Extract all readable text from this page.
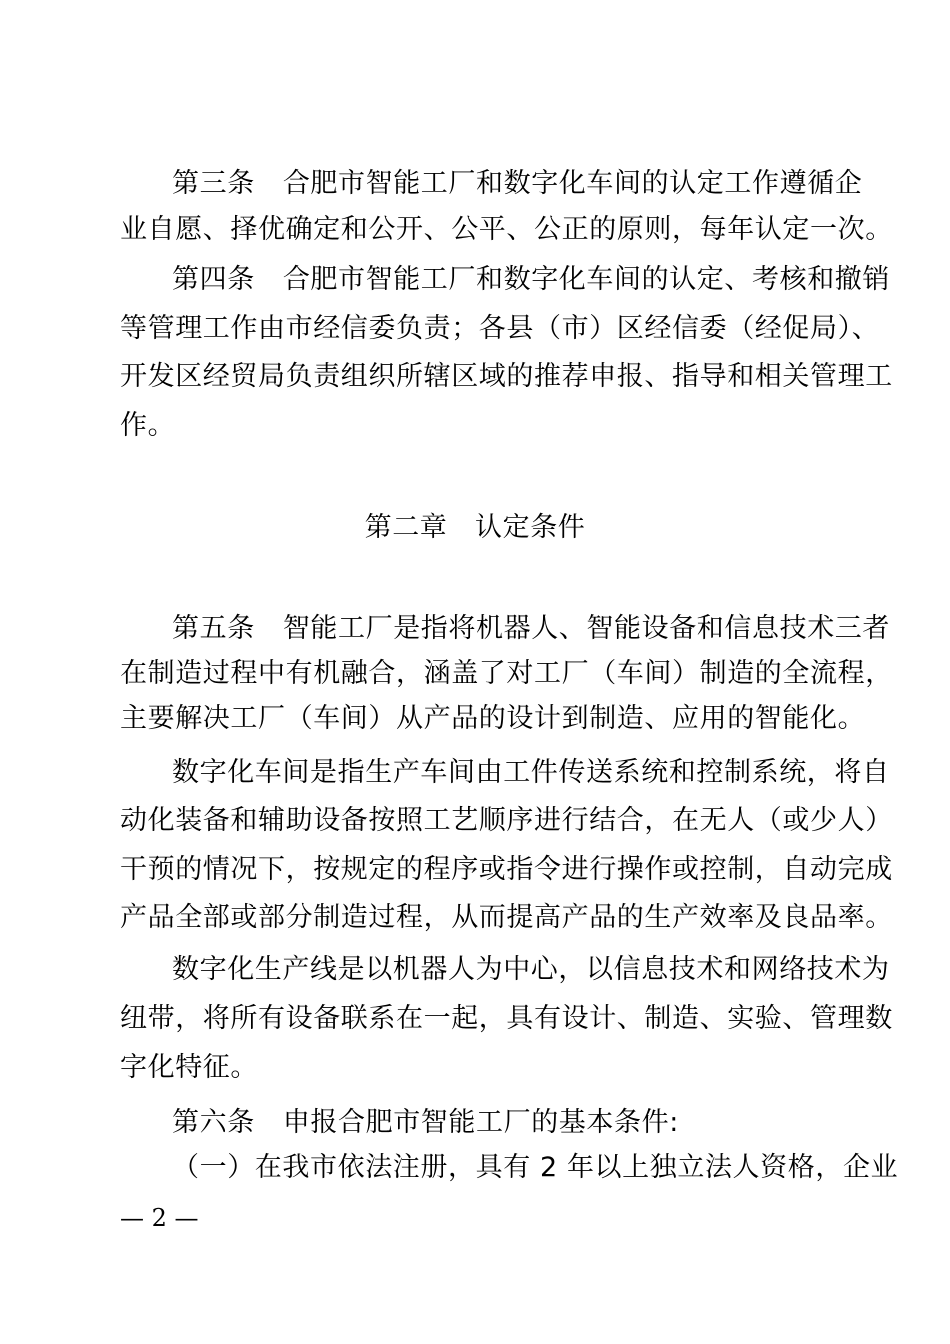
第三条 合肥市智能工厂和数字化车间的认定工作遵循企
业自愿、择优确定和公开、公平、公正的原则，每年认定一次。
第四条 合肥市智能工厂和数字化车间的认定、考核和撤销
等管理工作由市经信委负责；各县（市）区经信委（经促局）、
开发区经贸局负责组织所辖区域的推荐申报、指导和相关管理工
作。
第二章　认定条件
第五条 智能工厂是指将机器人、智能设备和信息技术三者
在制造过程中有机融合，涵盖了对工厂（车间）制造的全流程，
主要解决工厂（车间）从产品的设计到制造、应用的智能化。
数字化车间是指生产车间由工件传送系统和控制系统，将自
动化装备和辅助设备按照工艺顺序进行结合，在无人（或少人）
干预的情况下，按规定的程序或指令进行操作或控制，自动完成
产品全部或部分制造过程，从而提高产品的生产效率及良品率。
数字化生产线是以机器人为中心，以信息技术和网络技术为
纽带，将所有设备联系在一起，具有设计、制造、实验、管理数
字化特征。
第六条 申报合肥市智能工厂的基本条件:
（一）在我市依法注册，具有 2 年以上独立法人资格，企业
— 2 —
